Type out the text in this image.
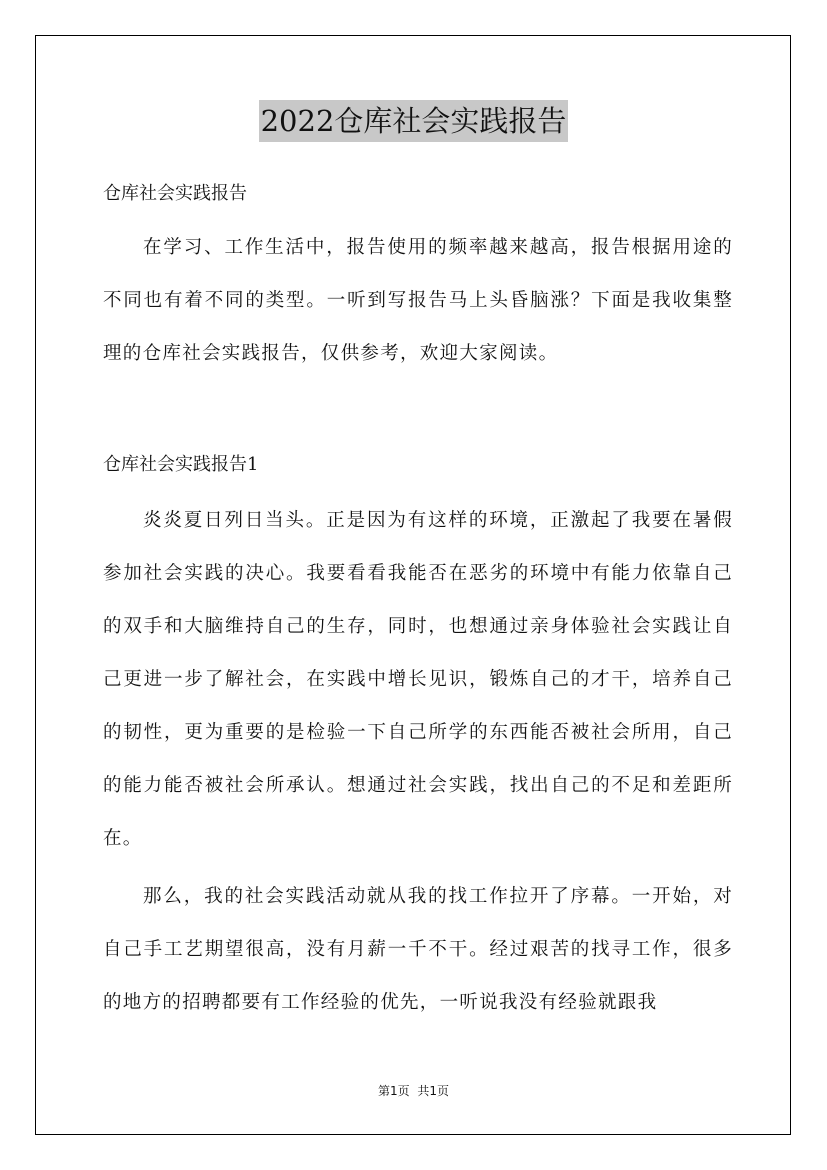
2022仓库社会实践报告
仓库社会实践报告

在学习、工作生活中，报告使用的频率越来越高，报告根据用途的不同也有着不同的类型。一听到写报告马上头昏脑涨？下面是我收集整理的仓库社会实践报告，仅供参考，欢迎大家阅读。

仓库社会实践报告1

炎炎夏日列日当头。正是因为有这样的环境，正激起了我要在暑假参加社会实践的决心。我要看看我能否在恶劣的环境中有能力依靠自己的双手和大脑维持自己的生存，同时，也想通过亲身体验社会实践让自己更进一步了解社会，在实践中增长见识，锻炼自己的才干，培养自己的韧性，更为重要的是检验一下自己所学的东西能否被社会所用，自己的能力能否被社会所承认。想通过社会实践，找出自己的不足和差距所在。

那么，我的社会实践活动就从我的找工作拉开了序幕。一开始，对自己手工艺期望很高，没有月薪一千不干。经过艰苦的找寻工作，很多的地方的招聘都要有工作经验的优先，一听说我没有经验就跟我

第1页 共1页
